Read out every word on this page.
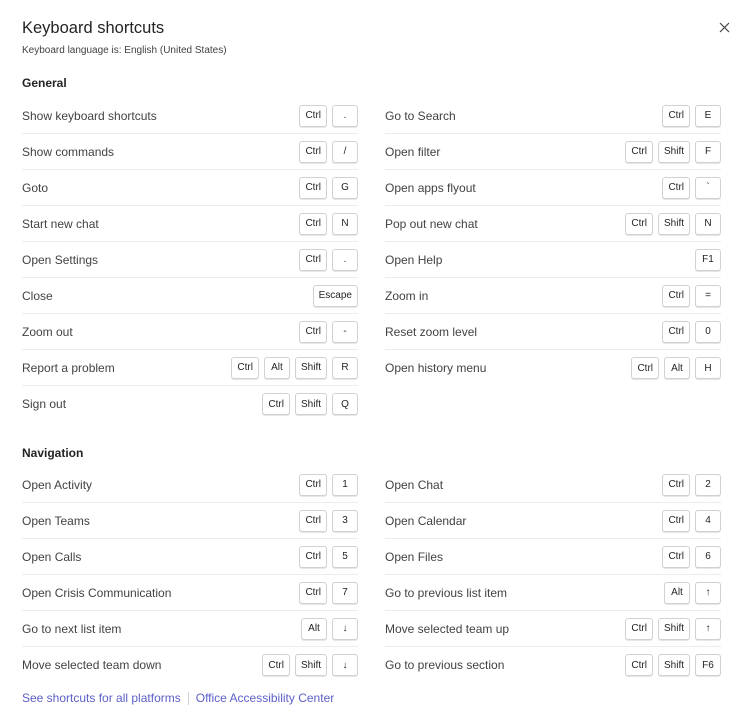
Keyboard shortcuts
Keyboard language is: English (United States)
General
Show keyboard shortcuts	Ctrl	.
Show commands	Ctrl	/
Goto	Ctrl	G
Start new chat	Ctrl	N
Open Settings	Ctrl	.
Close	Escape
Zoom out	Ctrl	-
Report a problem	Ctrl	Alt	Shift	R
Sign out	Ctrl	Shift	Q
Go to Search	Ctrl	E
Open filter	Ctrl	Shift	F
Open apps flyout	Ctrl	`
Pop out new chat	Ctrl	Shift	N
Open Help	F1
Zoom in	Ctrl	=
Reset zoom level	Ctrl	0
Open history menu	Ctrl	Alt	H
Navigation
Open Activity	Ctrl	1
Open Teams	Ctrl	3
Open Calls	Ctrl	5
Open Crisis Communication	Ctrl	7
Go to next list item	Alt	↓
Move selected team down	Ctrl	Shift	↓
Open Chat	Ctrl	2
Open Calendar	Ctrl	4
Open Files	Ctrl	6
Go to previous list item	Alt	↑
Move selected team up	Ctrl	Shift	↑
Go to previous section	Ctrl	Shift	F6
See shortcuts for all platforms Office Accessibility Center
